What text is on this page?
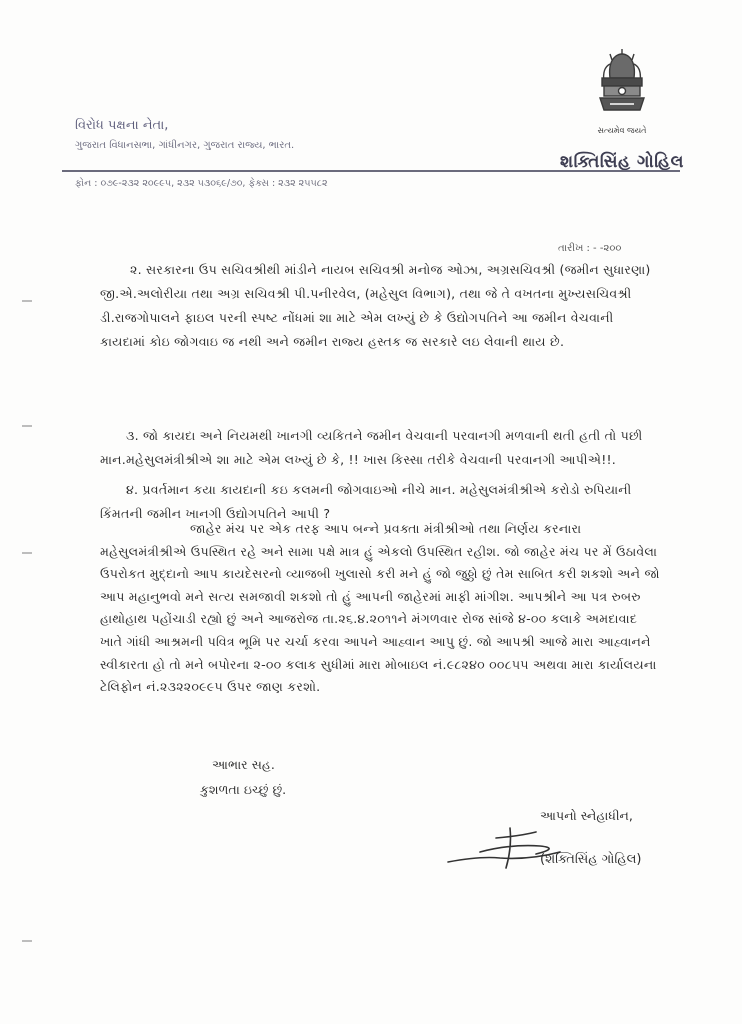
સત્યમેવ જયતે
વિરોધ પક્ષના નેતા,
ગુજરાત વિધાનસભા, ગાંધીનગર, ગુજરાત રાજ્ય, ભારત.
શક્તિસિંહ ગોહિલ
ફોન : ૦૭૯-૨૩૨ ૨૦૯૯૫, ૨૩૨ ૫૩૦૬૯/૭૦, ફેક્સ : ૨૩૨ ૨૫૫૮૨
તારીખ : - -૨૦૦
૨. સરકારના ઉપ સચિવશ્રીથી માંડીને નાયબ સચિવશ્રી મનોજ ઓઝા, અગ્રસચિવશ્રી (જમીન સુધારણા) જી.એ.અલોરીયા તથા અગ્ર સચિવશ્રી પી.પનીરવેલ, (મહેસુલ વિભાગ), તથા જે તે વખતના મુખ્યસચિવશ્રી ડી.રાજગોપાલને ફાઇલ પરની સ્પષ્ટ નોંધમાં શા માટે એમ લખ્યું છે કે ઉદ્યોગપતિને આ જમીન વેચવાની કાયદામાં કોઇ જોગવાઇ જ નથી અને જમીન રાજ્ય હસ્તક જ સરકારે લઇ લેવાની થાય છે.
૩. જો કાયદા અને નિયમથી ખાનગી વ્યકિતને જમીન વેચવાની પરવાનગી મળવાની થતી હતી તો પછી માન.મહેસુલમંત્રીશ્રીએ શા માટે એમ લખ્યું છે કે, !! ખાસ કિસ્સા તરીકે વેચવાની પરવાનગી આપીએ!!.
૪. પ્રવર્તમાન કયા કાયદાની કઇ કલમની જોગવાઇઓ નીચે માન. મહેસુલમંત્રીશ્રીએ કરોડો રુપિયાની કિંમતની જમીન ખાનગી ઉદ્યોગપતિને આપી ?
જાહેર મંચ પર એક તરફ આપ બન્ને પ્રવક્તા મંત્રીશ્રીઓ તથા નિર્ણય કરનારા મહેસુલમંત્રીશ્રીએ ઉપસ્થિત રહે અને સામા પક્ષે માત્ર હું એકલો ઉપસ્થિત રહીશ. જો જાહેર મંચ પર મેં ઉઠાવેલા ઉપરોકત મુદ્દાનો આપ કાયદેસરનો વ્યાજબી ખુલાસો કરી મને હું જો જુઠ્ઠો છું તેમ સાબિત કરી શકશો અને જો આપ મહાનુભવો મને સત્ય સમજાવી શકશો તો હું આપની જાહેરમાં માફી માંગીશ. આપશ્રીને આ પત્ર રુબરુ હાથોહાથ પહોંચાડી રહ્યો છું અને આજરોજ તા.૨૬.૪.૨૦૧૧ને મંગળવાર રોજ સાંજે ૪-૦૦ કલાકે અમદાવાદ ખાતે ગાંધી આશ્રમની પવિત્ર ભૂમિ પર ચર્ચા કરવા આપને આહ્વાન આપુ છું. જો આપશ્રી આજે મારા આહ્વાનને સ્વીકારતા હો તો મને બપોરના ૨-૦૦ કલાક સુધીમાં મારા મોબાઇલ નં.૯૮૨૪૦ ૦૦૮૫૫ અથવા મારા કાર્યાલયના ટેલિફોન નં.૨૩૨૨૦૯૯૫ ઉપર જાણ કરશો.
આભાર સહ.
કુશળતા ઇચ્છું છું.
આપનો સ્નેહાધીન,
(શક્તિસિંહ ગોહિલ)
